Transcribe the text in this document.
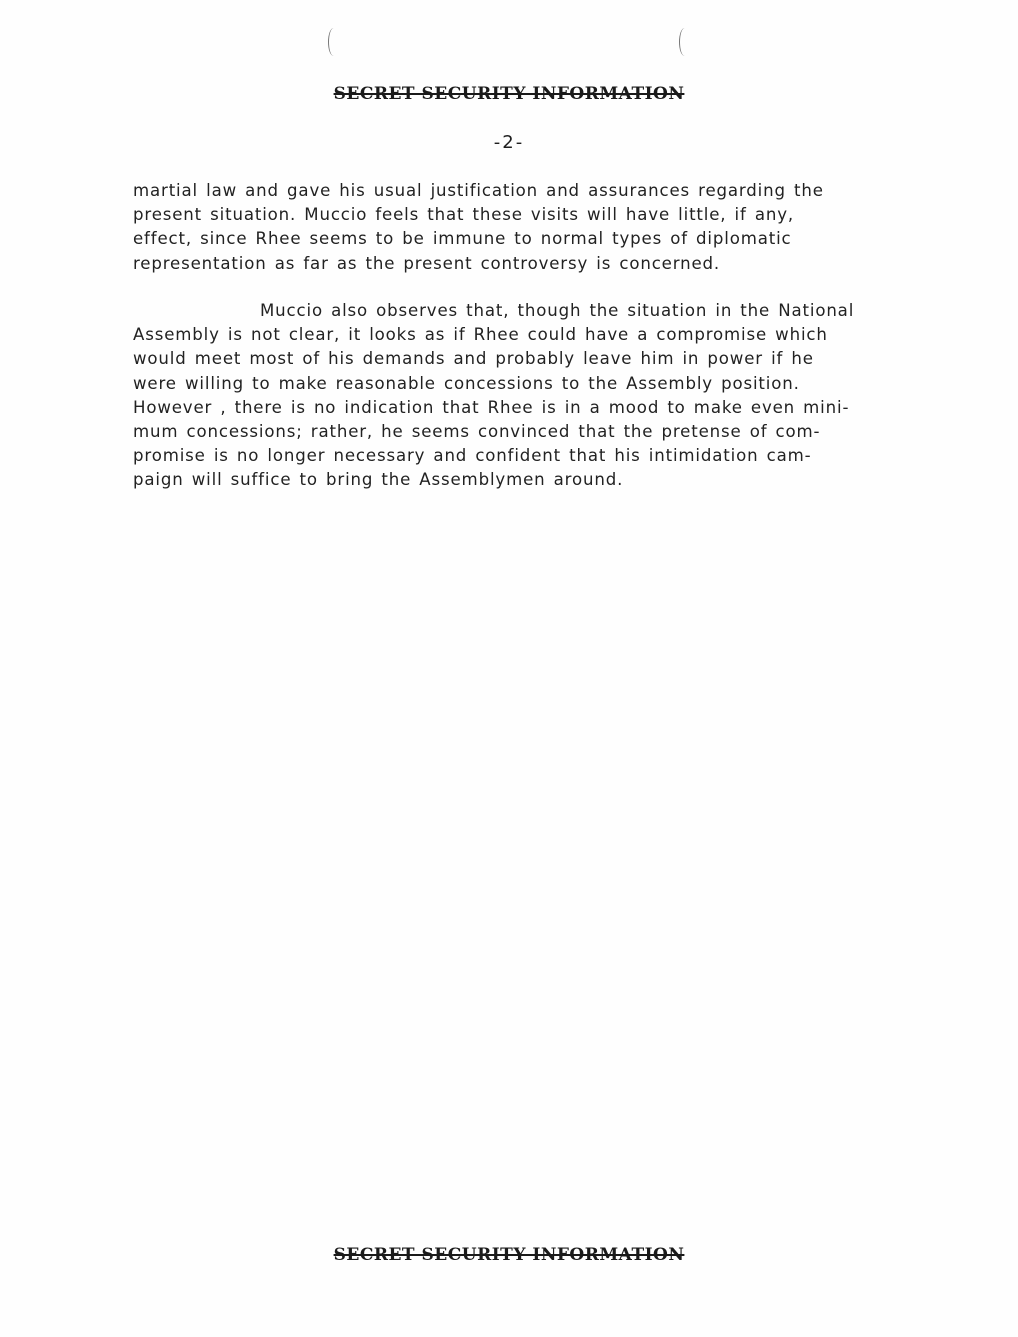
SECRET SECURITY INFORMATION
-2-
martial law and gave his usual justification and assurances regarding the
present situation. Muccio feels that these visits will have little, if any,
effect, since Rhee seems to be immune to normal types of diplomatic
representation as far as the present controversy is concerned.
Muccio also observes that, though the situation in the National
Assembly is not clear, it looks as if Rhee could have a compromise which
would meet most of his demands and probably leave him in power if he
were willing to make reasonable concessions to the Assembly position.
However , there is no indication that Rhee is in a mood to make even mini-
mum concessions; rather, he seems convinced that the pretense of com-
promise is no longer necessary and confident that his intimidation cam-
paign will suffice to bring the Assemblymen around.
SECRET SECURITY INFORMATION
